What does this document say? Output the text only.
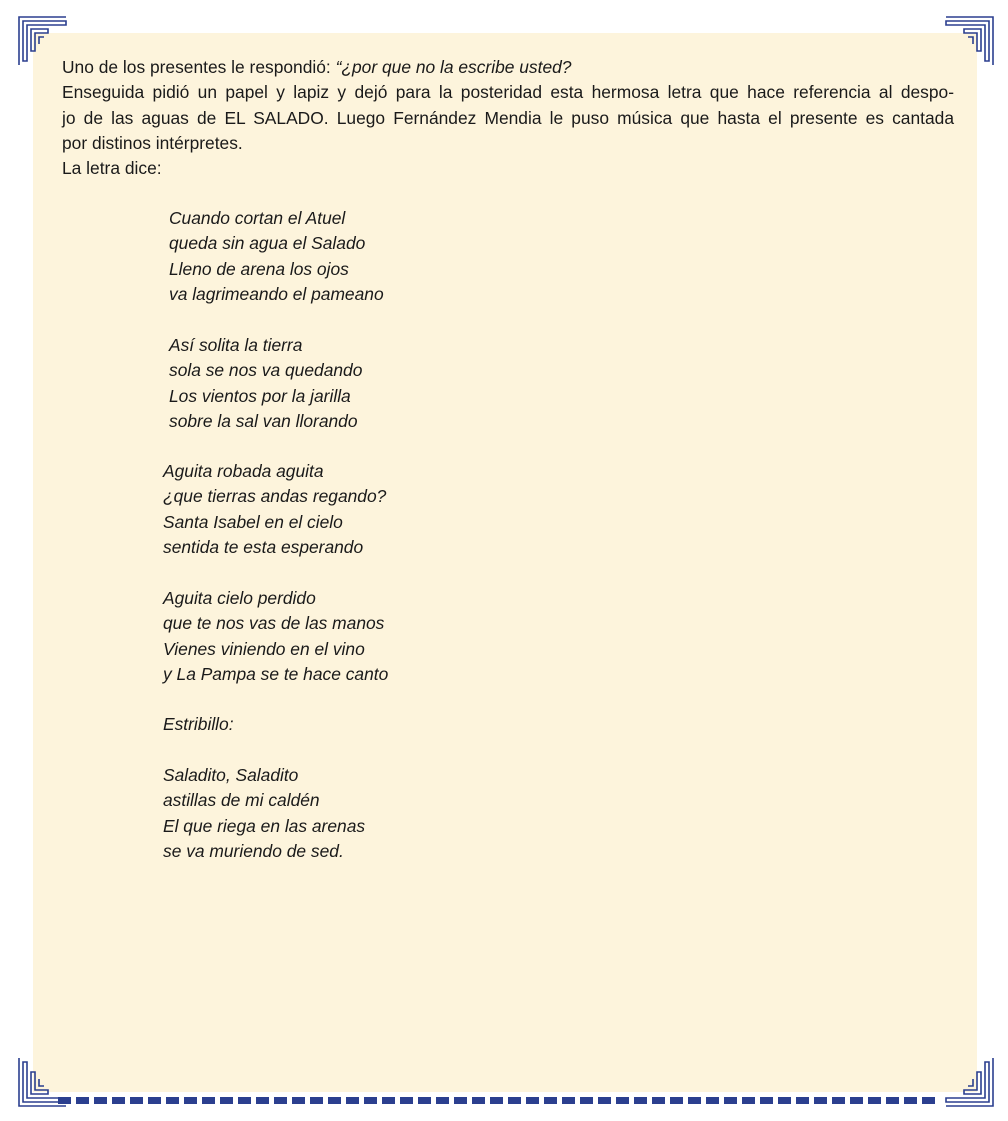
Uno de los presentes le respondió: “¿por que no la escribe usted?

Enseguida pidió un papel y lapiz y dejó para la posteridad esta hermosa letra que hace referencia al despo-
jo de las aguas de EL SALADO. Luego Fernández Mendia le puso música que hasta el presente es cantada
por distinos intérpretes.

La letra dice:

Cuando cortan el Atuel
queda sin agua el Salado
Lleno de arena los ojos
va lagrimeando el pameano
Así solita la tierra
sola se nos va quedando
Los vientos por la jarilla
sobre la sal van llorando
Aguita robada aguita
¿que tierras andas regando?
Santa Isabel en el cielo
sentida te esta esperando
Aguita cielo perdido
que te nos vas de las manos
Vienes viniendo en el vino
y La Pampa se te hace canto
Estribillo:
Saladito, Saladito
astillas de mi caldén
El que riega en las arenas
se va muriendo de sed.
